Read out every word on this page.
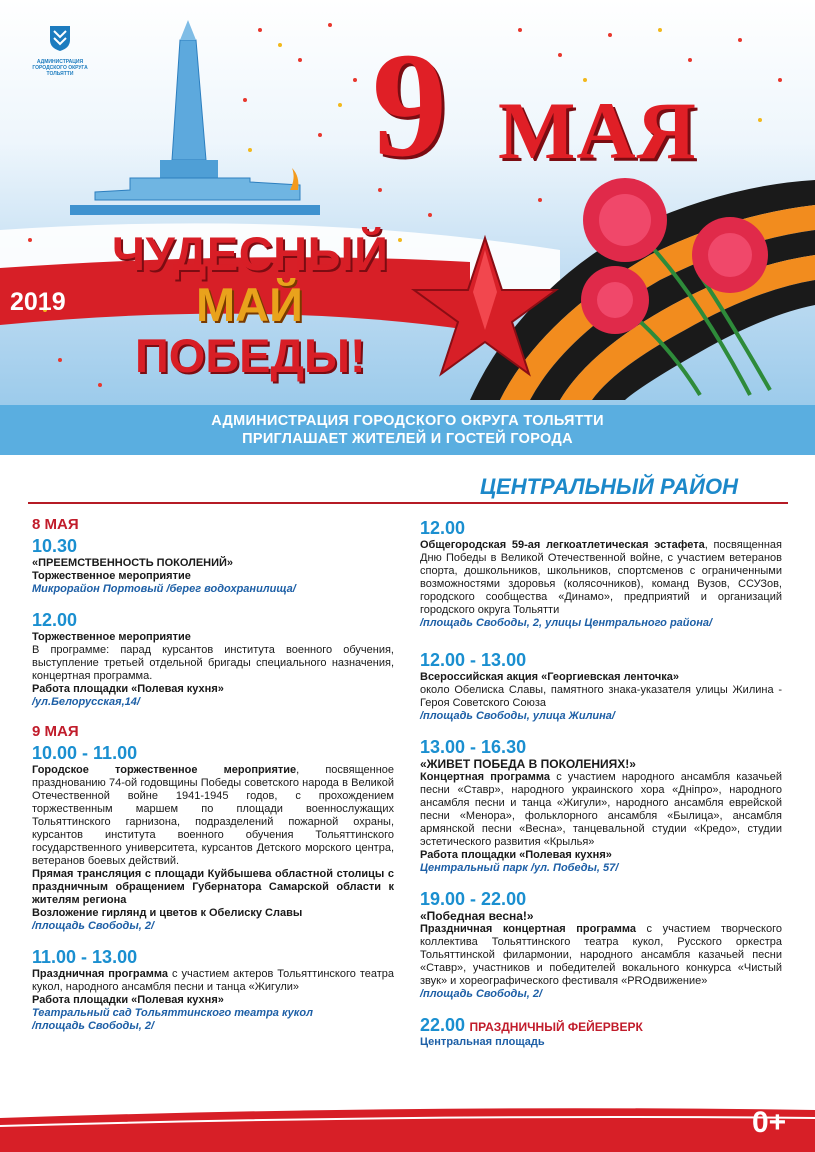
АДМИНИСТРАЦИЯ ГОРОДСКОГО ОКРУГА ТОЛЬЯТТИ 9 МАЯ
ЧУДЕСНЫЙ
МАЙ
ПОБЕДЫ!
2019
АДМИНИСТРАЦИЯ ГОРОДСКОГО ОКРУГА ТОЛЬЯТТИ
ПРИГЛАШАЕТ ЖИТЕЛЕЙ И ГОСТЕЙ ГОРОДА
ЦЕНТРАЛЬНЫЙ РАЙОН
8 МАЯ
10.30
«ПРЕЕМСТВЕННОСТЬ ПОКОЛЕНИЙ»
Торжественное мероприятие
Микрорайон Портовый /берег водохранилища/
12.00
Торжественное мероприятие
В программе: парад курсантов института военного обучения, выступление третьей отдельной бригады специального назначения, концертная программа.
Работа площадки «Полевая кухня»
/ул.Белорусская,14/
9 МАЯ
10.00 - 11.00
Городское торжественное мероприятие, посвященное празднованию 74-ой годовщины Победы советского народа в Великой Отечественной войне 1941-1945 годов, с прохождением торжественным маршем по площади военнослужащих Тольяттинского гарнизона, подразделений пожарной охраны, курсантов института военного обучения Тольяттинского государственного университета, курсантов Детского морского центра, ветеранов боевых действий.
Прямая трансляция с площади Куйбышева областной столицы с праздничным обращением Губернатора Самарской области к жителям региона
Возложение гирлянд и цветов к Обелиску Славы
/площадь Свободы, 2/
11.00 - 13.00
Праздничная программа с участием актеров Тольяттинского театра кукол, народного ансамбля песни и танца «Жигули»
Работа площадки «Полевая кухня»
Театральный сад Тольяттинского театра кукол
/площадь Свободы, 2/
12.00
Общегородская 59-ая легкоатлетическая эстафета, посвященная Дню Победы в Великой Отечественной войне, с участием ветеранов спорта, дошкольников, школьников, спортсменов с ограниченными возможностями здоровья (колясочников), команд Вузов, ССУЗов, городского сообщества «Динамо», предприятий и организаций городского округа Тольятти
/площадь Свободы, 2, улицы Центрального района/
12.00 - 13.00
Всероссийская акция «Георгиевская ленточка»
около Обелиска Славы, памятного знака-указателя улицы Жилина - Героя Советского Союза
/площадь Свободы, улица Жилина/
13.00 - 16.30
«ЖИВЕТ ПОБЕДА В ПОКОЛЕНИЯХ!»
Концертная программа с участием народного ансамбля казачьей песни «Ставр», народного украинского хора «Дніпро», народного ансамбля песни и танца «Жигули», народного ансамбля еврейской песни «Менора», фольклорного ансамбля «Былица», ансамбля армянской песни «Весна», танцевальной студии «Кредо», студии эстетического развития «Крылья»
Работа площадки «Полевая кухня»
Центральный парк /ул. Победы, 57/
19.00 - 22.00
«Победная весна!»
Праздничная концертная программа с участием творческого коллектива Тольяттинского театра кукол, Русского оркестра Тольяттинской филармонии, народного ансамбля казачьей песни «Ставр», участников и победителей вокального конкурса «Чистый звук» и хореографического фестиваля «PROдвижение»
/площадь Свободы, 2/
22.00 ПРАЗДНИЧНЫЙ ФЕЙЕРВЕРК
Центральная площадь
0+
